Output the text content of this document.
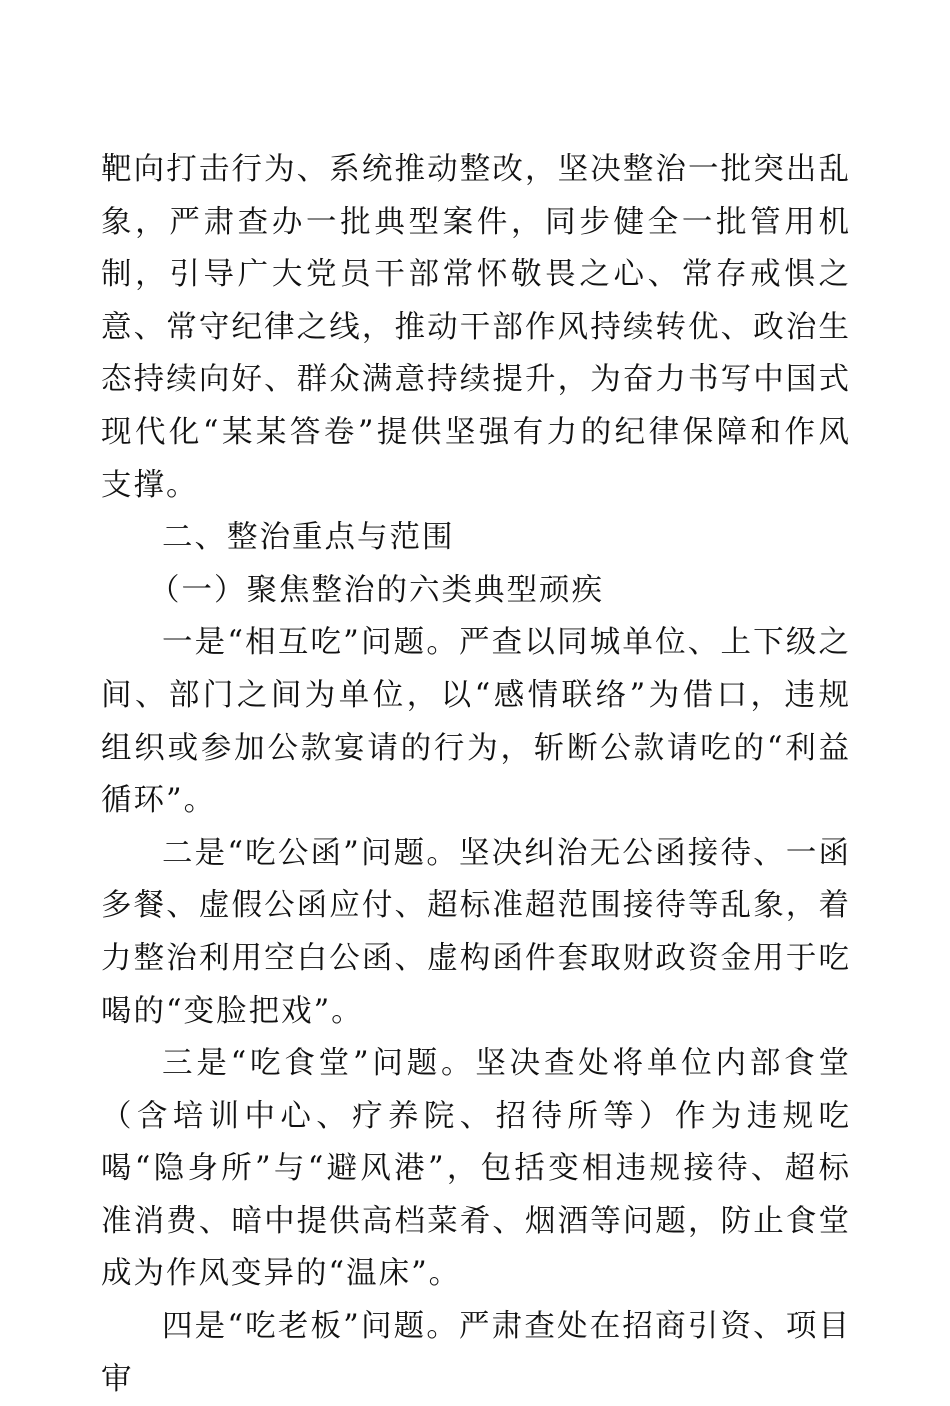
靶向打击行为、系统推动整改，坚决整治一批突出乱象，严肃查办一批典型案件，同步健全一批管用机制，引导广大党员干部常怀敬畏之心、常存戒惧之意、常守纪律之线，推动干部作风持续转优、政治生态持续向好、群众满意持续提升，为奋力书写中国式现代化“某某答卷”提供坚强有力的纪律保障和作风支撑。

二、整治重点与范围

（一）聚焦整治的六类典型顽疾

一是“相互吃”问题。严查以同城单位、上下级之间、部门之间为单位，以“感情联络”为借口，违规组织或参加公款宴请的行为，斩断公款请吃的“利益循环”。

二是“吃公函”问题。坚决纠治无公函接待、一函多餐、虚假公函应付、超标准超范围接待等乱象，着力整治利用空白公函、虚构函件套取财政资金用于吃喝的“变脸把戏”。

三是“吃食堂”问题。坚决查处将单位内部食堂（含培训中心、疗养院、招待所等）作为违规吃喝“隐身所”与“避风港”，包括变相违规接待、超标准消费、暗中提供高档菜肴、烟酒等问题，防止食堂成为作风变异的“温床”。

四是“吃老板”问题。严肃查处在招商引资、项目审
